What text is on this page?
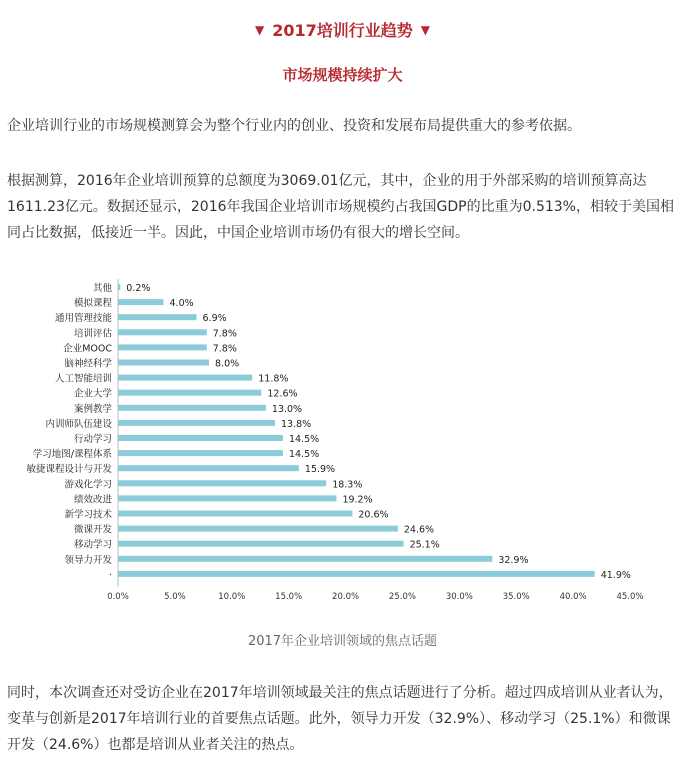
▼ 2017培训行业趋势 ▼
市场规模持续扩大
企业培训行业的市场规模测算会为整个行业内的创业、投资和发展布局提供重大的参考依据。
根据测算，2016年企业培训预算的总额度为3069.01亿元，其中，企业的用于外部采购的培训预算高达1611.23亿元。数据还显示，2016年我国企业培训市场规模约占我国GDP的比重为0.513%，相较于美国相同占比数据，低接近一半。因此，中国企业培训市场仍有很大的增长空间。
其他 0.2%
模拟课程	4.0%
通用管理技能	6.9%
培训评估	7.8%
企业MOOC	7.8%
脑神经科学	8.0%
人工智能培训	11.8%
企业大学	12.6%
案例教学	13.0%
内训师队伍建设	13.8%
行动学习	14.5%
学习地图/课程体系	14.5%
敏捷课程设计与开发	15.9%
游戏化学习	18.3%
绩效改进	19.2%
新学习技术	20.6%
微课开发	24.6%
移动学习	25.1%
领导力开发	32.9%
·	41.9%
0.0%	5.0%	10.0%	15.0%	20.0%	25.0%	30.0%	35.0%	40.0%	45.0%
2017年企业培训领域的焦点话题
同时，本次调查还对受访企业在2017年培训领域最关注的焦点话题进行了分析。超过四成培训从业者认为，变革与创新是2017年培训行业的首要焦点话题。此外，领导力开发（32.9%）、移动学习（25.1%）和微课开发（24.6%）也都是培训从业者关注的热点。
